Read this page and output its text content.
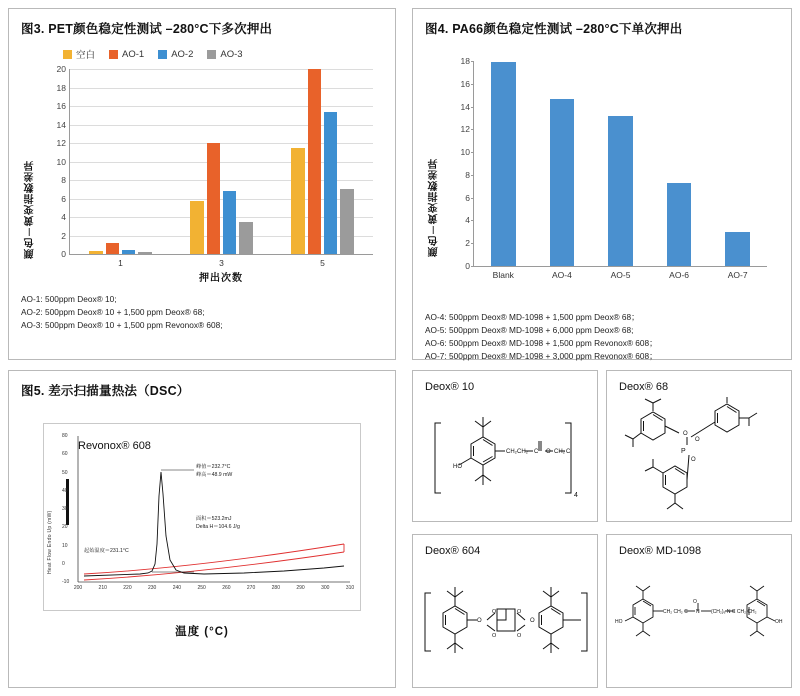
图3. PET颜色稳定性测试 –280°C下多次押出
空白	AO-1	AO-2	AO-3
颜色－黄变指数差异	0
2
4
6
8
10
12
14
16
18
20
1	3	5
押出次数
AO-1: 500ppm Deox® 10;
AO-2: 500ppm Deox® 10 + 1,500 ppm Deox® 68;
AO-3: 500ppm Deox® 10 + 1,500 ppm Revonox® 608;
图4. PA66颜色稳定性测试 –280°C下单次押出
颜色－黄变指数差异
0
2
4
6
8
10
12
14
16
18
Blank	AO-4	AO-5	AO-6	AO-7
AO-4: 500ppm Deox® MD-1098 + 1,500 ppm Deox® 68；
AO-5: 500ppm Deox® MD-1098 + 6,000 ppm Deox® 68;
AO-6: 500ppm Deox® MD-1098 + 1,500 ppm Revonox® 608；
AO-7: 500ppm Deox® MD-1098 + 3,000 ppm Revonox® 608；
图5. 差示扫描量热法（DSC）
Revonox® 608
Heat Flow Endo Up (mW)
峰值＝232.7°C
峰高＝48.9 mW
面积＝523.2mJ
Delta H＝104.6 J/g
起始温度＝231.1°C
200	210	220	230	240	250	260	270	280	290	300	310
-10
0
10
20
30
40
50
60
80
温度 (°C)
Deox® 10
HO
CH₂CH₂ C O CH₂ C
4
Deox® 68
P
O
O
O
Deox® 604
O
O
O
O
O
O
Deox® MD-1098
HO
CH₂ CH₂ C
O
N (CH₂)₆ N C CH₂ CH₂
OH
